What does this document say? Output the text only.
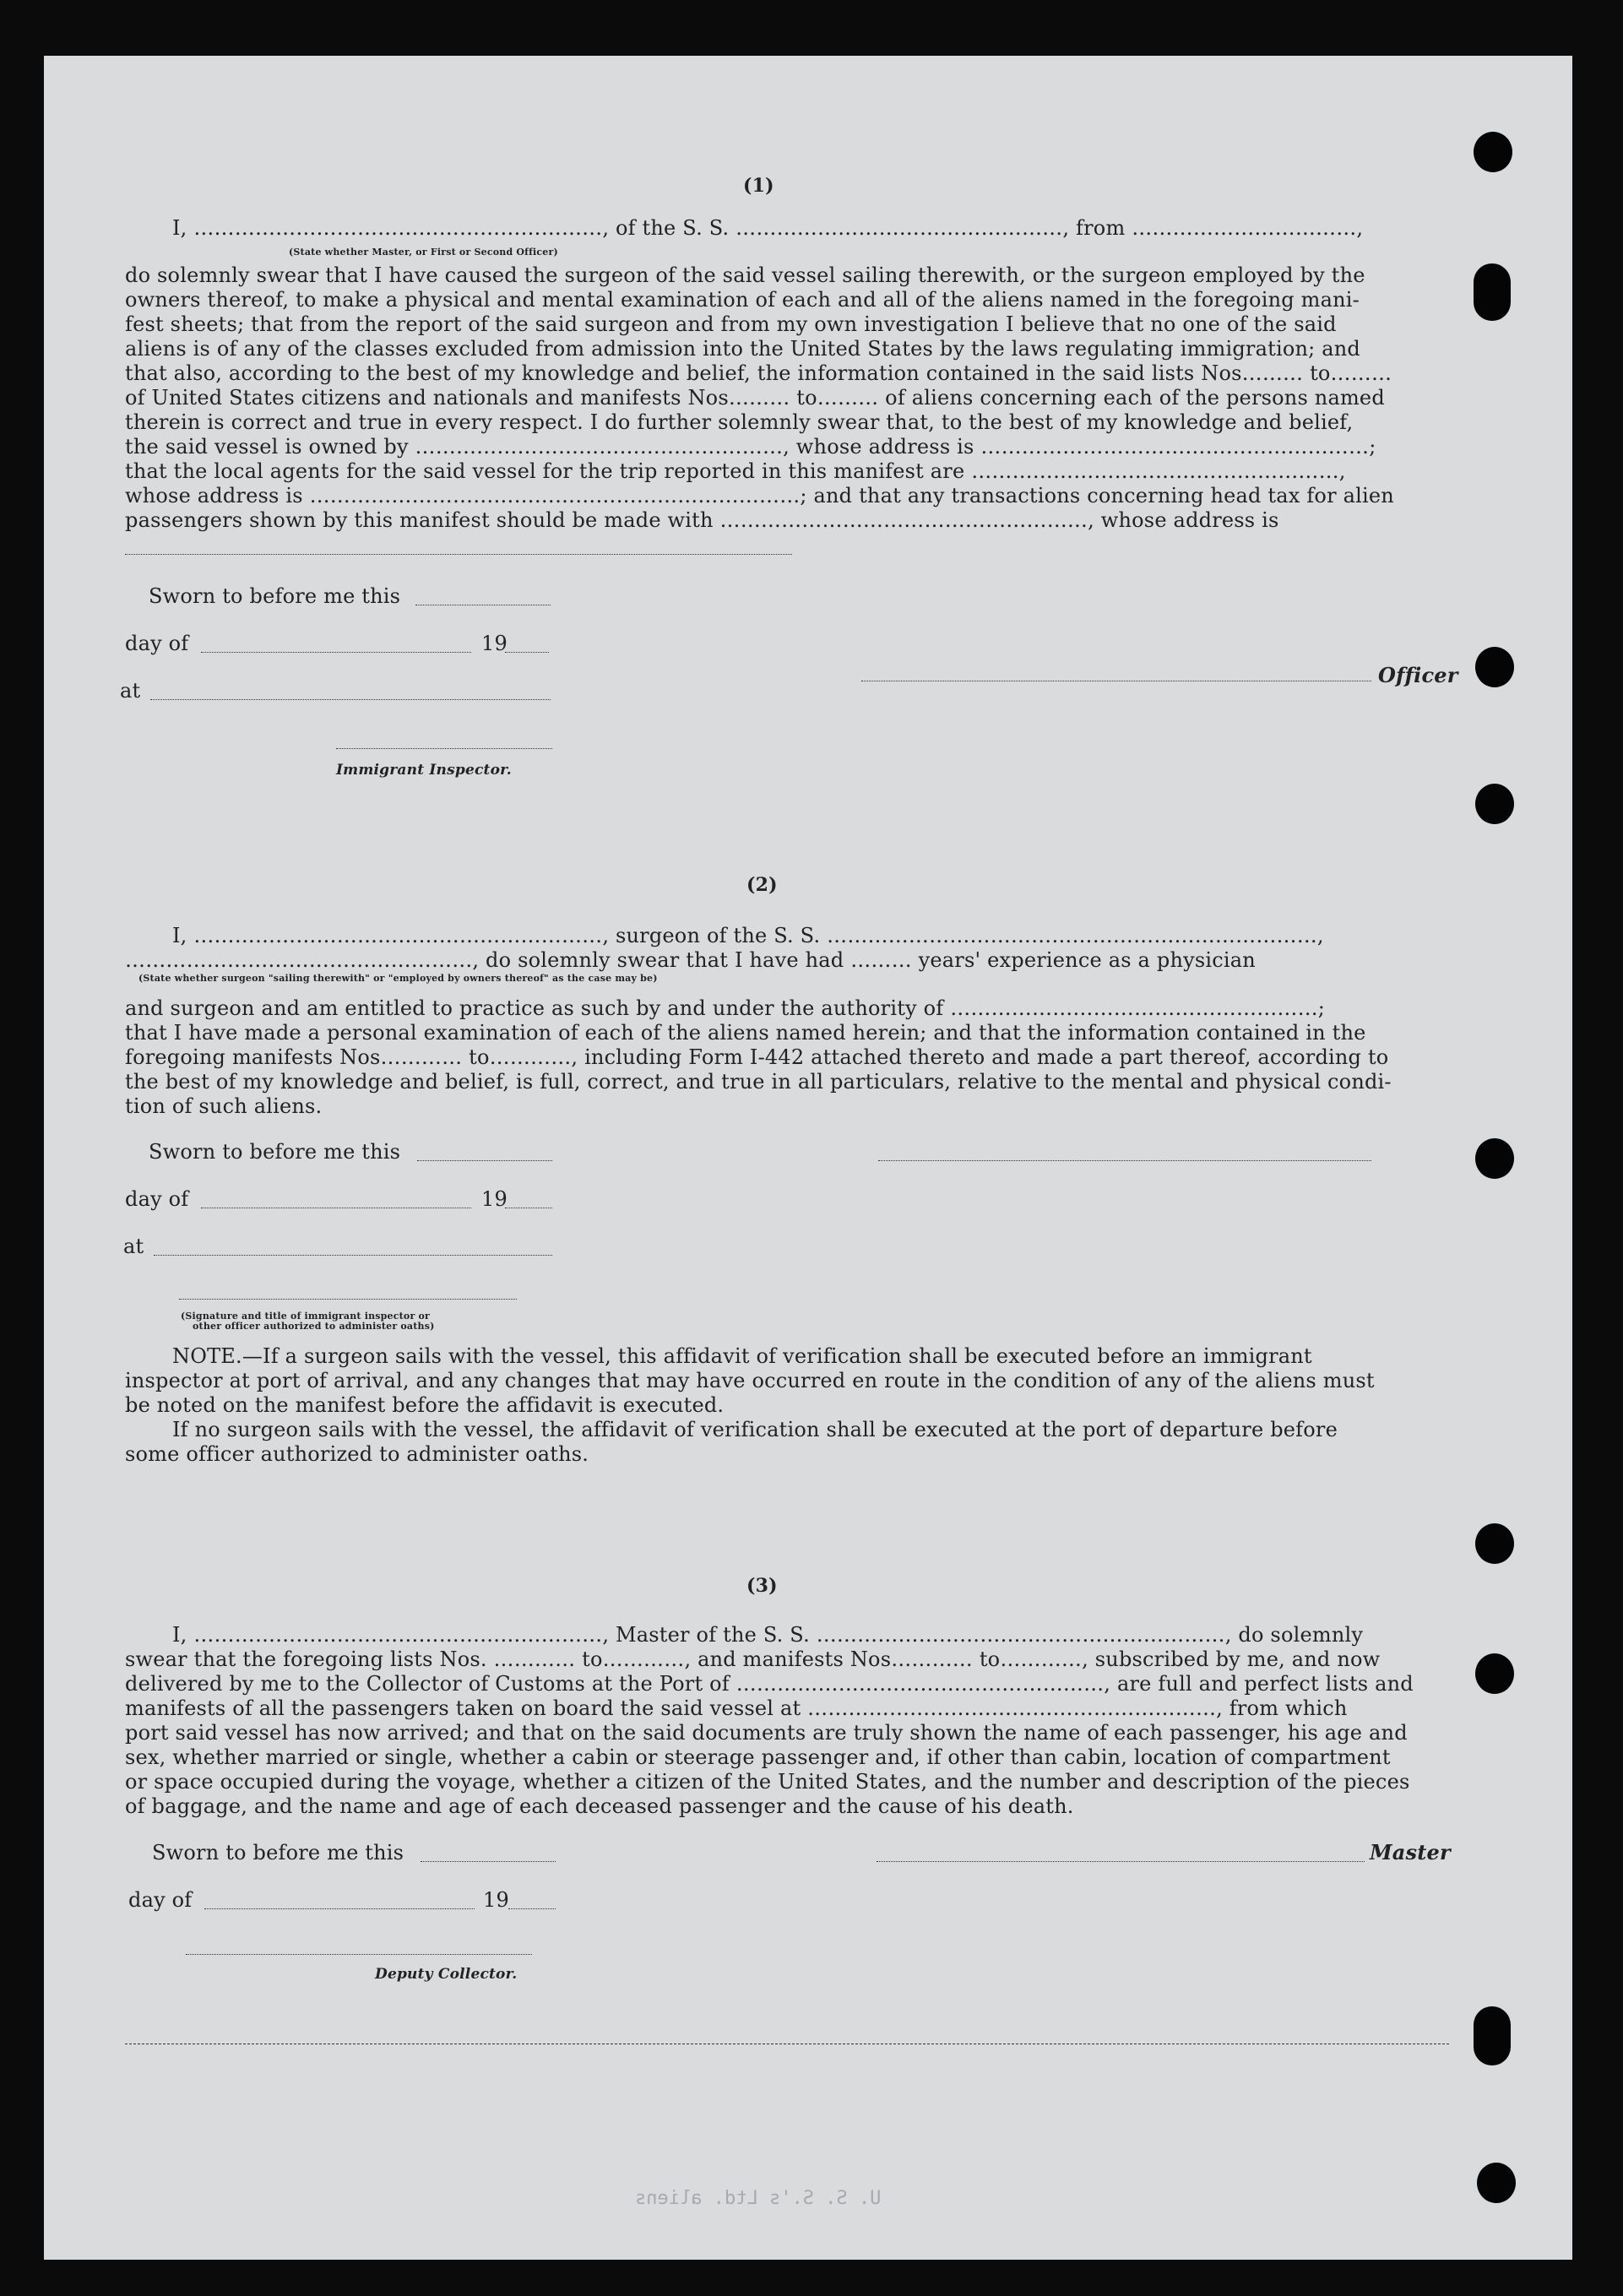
U. S. S.'s Ltd. aliens
(1)
I, ……………………………………………………, of the S. S. …………………………………………, from ……………………………,
(State whether Master, or First or Second Officer)
do solemnly swear that I have caused the surgeon of the said vessel sailing therewith, or the surgeon employed by the
owners thereof, to make a physical and mental examination of each and all of the aliens named in the foregoing mani-
fest sheets; that from the report of the said surgeon and from my own investigation I believe that no one of the said
aliens is of any of the classes excluded from admission into the United States by the laws regulating immigration; and
that also, according to the best of my knowledge and belief, the information contained in the said lists Nos……… to………
of United States citizens and nationals and manifests Nos……… to……… of aliens concerning each of the persons named
therein is correct and true in every respect. I do further solemnly swear that, to the best of my knowledge and belief,
the said vessel is owned by ………………………………………………, whose address is …………………………………………………;
that the local agents for the said vessel for the trip reported in this manifest are ………………………………………………,
whose address is ………………………………………………………………; and that any transactions concerning head tax for alien
passengers shown by this manifest should be made with ………………………………………………, whose address is
Sworn to before me this
day of	19
at
Immigrant Inspector.
Officer
(2)
I, ……………………………………………………, surgeon of the S. S. ………………………………………………………………,
……………………………………………, do solemnly swear that I have had ……… years' experience as a physician
(State whether surgeon "sailing therewith" or "employed by owners thereof" as the case may be)
and surgeon and am entitled to practice as such by and under the authority of ………………………………………………;
that I have made a personal examination of each of the aliens named herein; and that the information contained in the
foregoing manifests Nos………… to…………, including Form I-442 attached thereto and made a part thereof, according to
the best of my knowledge and belief, is full, correct, and true in all particulars, relative to the mental and physical condi-
tion of such aliens.
Sworn to before me this
day of	19
at
(Signature and title of immigrant inspector or
other officer authorized to administer oaths)
NOTE.—If a surgeon sails with the vessel, this affidavit of verification shall be executed before an immigrant
inspector at port of arrival, and any changes that may have occurred en route in the condition of any of the aliens must
be noted on the manifest before the affidavit is executed.
If no surgeon sails with the vessel, the affidavit of verification shall be executed at the port of departure before
some officer authorized to administer oaths.
(3)
I, ……………………………………………………, Master of the S. S. ……………………………………………………, do solemnly
swear that the foregoing lists Nos. ………… to…………, and manifests Nos………… to…………, subscribed by me, and now
delivered by me to the Collector of Customs at the Port of ………………………………………………, are full and perfect lists and
manifests of all the passengers taken on board the said vessel at ……………………………………………………, from which
port said vessel has now arrived; and that on the said documents are truly shown the name of each passenger, his age and
sex, whether married or single, whether a cabin or steerage passenger and, if other than cabin, location of compartment
or space occupied during the voyage, whether a citizen of the United States, and the number and description of the pieces
of baggage, and the name and age of each deceased passenger and the cause of his death.
Sworn to before me this	Master
day of	19
Deputy Collector.
